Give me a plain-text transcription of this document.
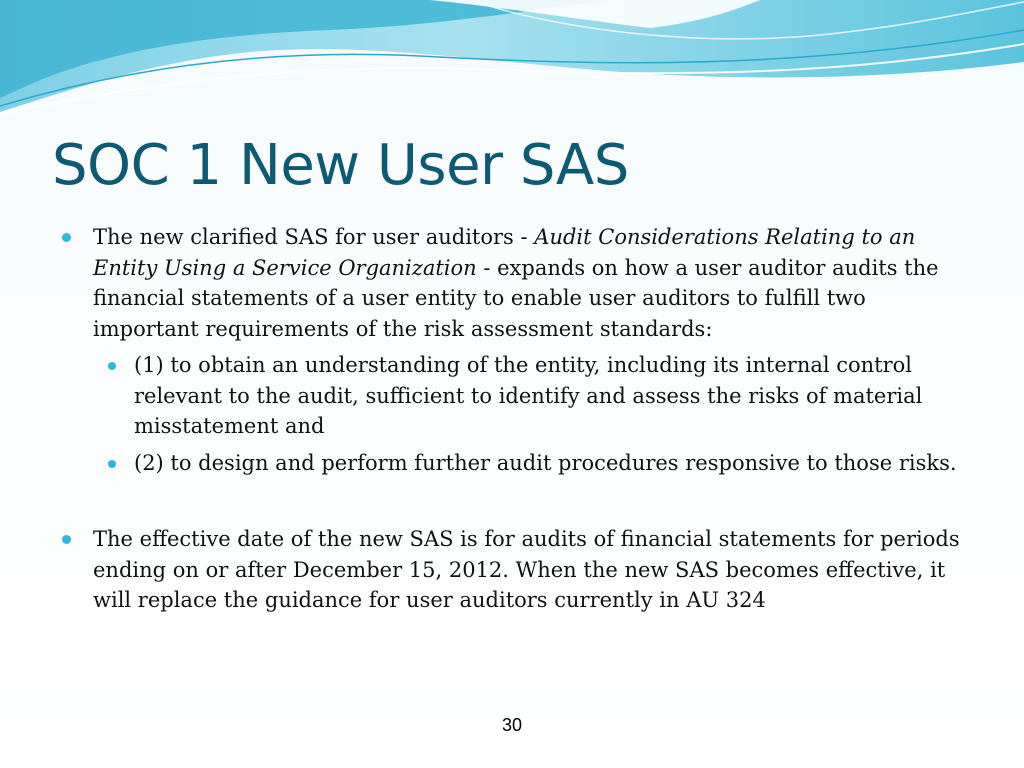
SOC 1 New User SAS
The new clarified SAS for user auditors - Audit Considerations Relating to an Entity Using a Service Organization - expands on how a user auditor audits the financial statements of a user entity to enable user auditors to fulfill two important requirements of the risk assessment standards:
(1) to obtain an understanding of the entity, including its internal control relevant to the audit, sufficient to identify and assess the risks of material misstatement and
(2) to design and perform further audit procedures responsive to those risks.
The effective date of the new SAS is for audits of financial statements for periods ending on or after December 15, 2012. When the new SAS becomes effective, it will replace the guidance for user auditors currently in AU 324
30
